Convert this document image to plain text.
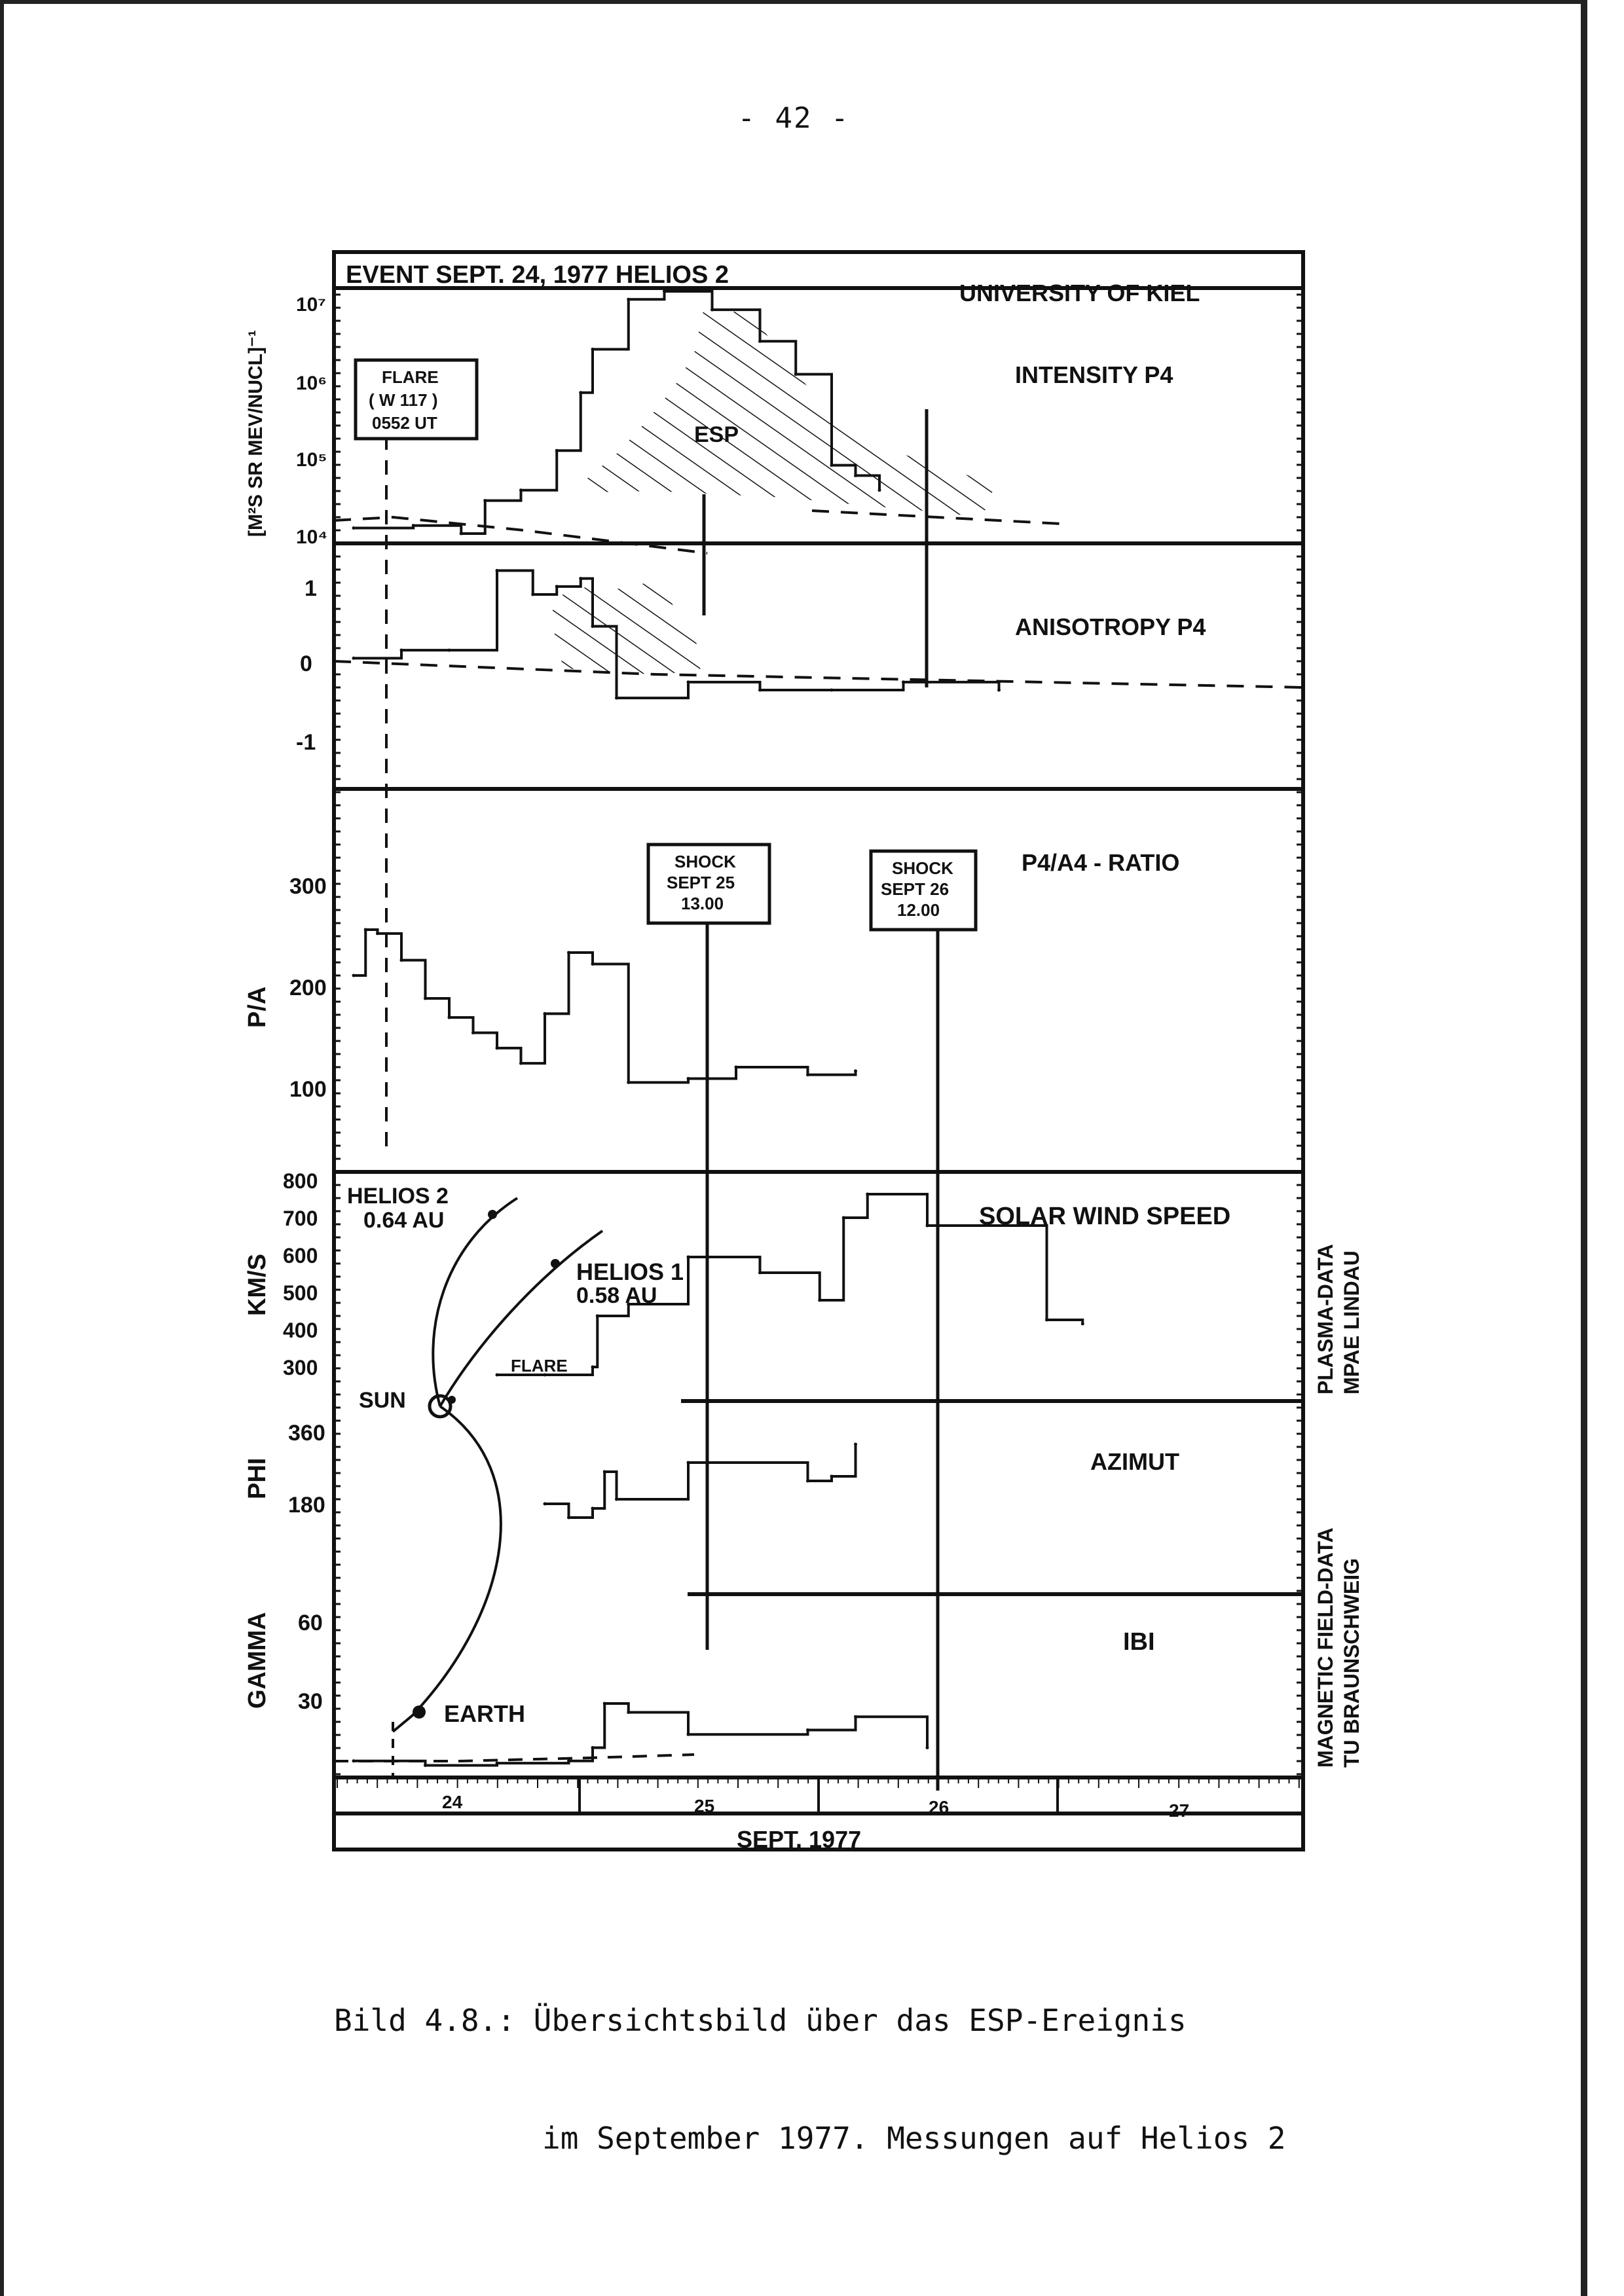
- 42 -
EVENT SEPT. 24, 1977 HELIOS 2
UNIVERSITY OF KIEL
INTENSITY P4
ANISOTROPY P4
P4/A4 - RATIO
SOLAR WIND SPEED
AZIMUT
IBI
[M²S SR MEV/NUCL]⁻¹
P/A
KM/S
PHI
GAMMA
10⁷
10⁶
10⁵
10⁴
1
0
-1
300
200
100
800
700
600
500
400
300
360
180
60
30
FLARE
( W 117 )
0552 UT	ESP
SHOCK
SEPT 25
13.00
SHOCK
SEPT 26
12.00
HELIOS 2
0.64 AU
HELIOS 1
0.58 AU
FLARE
SUN
EARTH
PLASMA-DATA MPAE LINDAU
MAGNETIC FIELD-DATA TU BRAUNSCHWEIG
24	25	26	27
SEPT. 1977

Bild 4.8.: Übersichtsbild über das ESP-Ereignis

im September 1977. Messungen auf Helios 2
